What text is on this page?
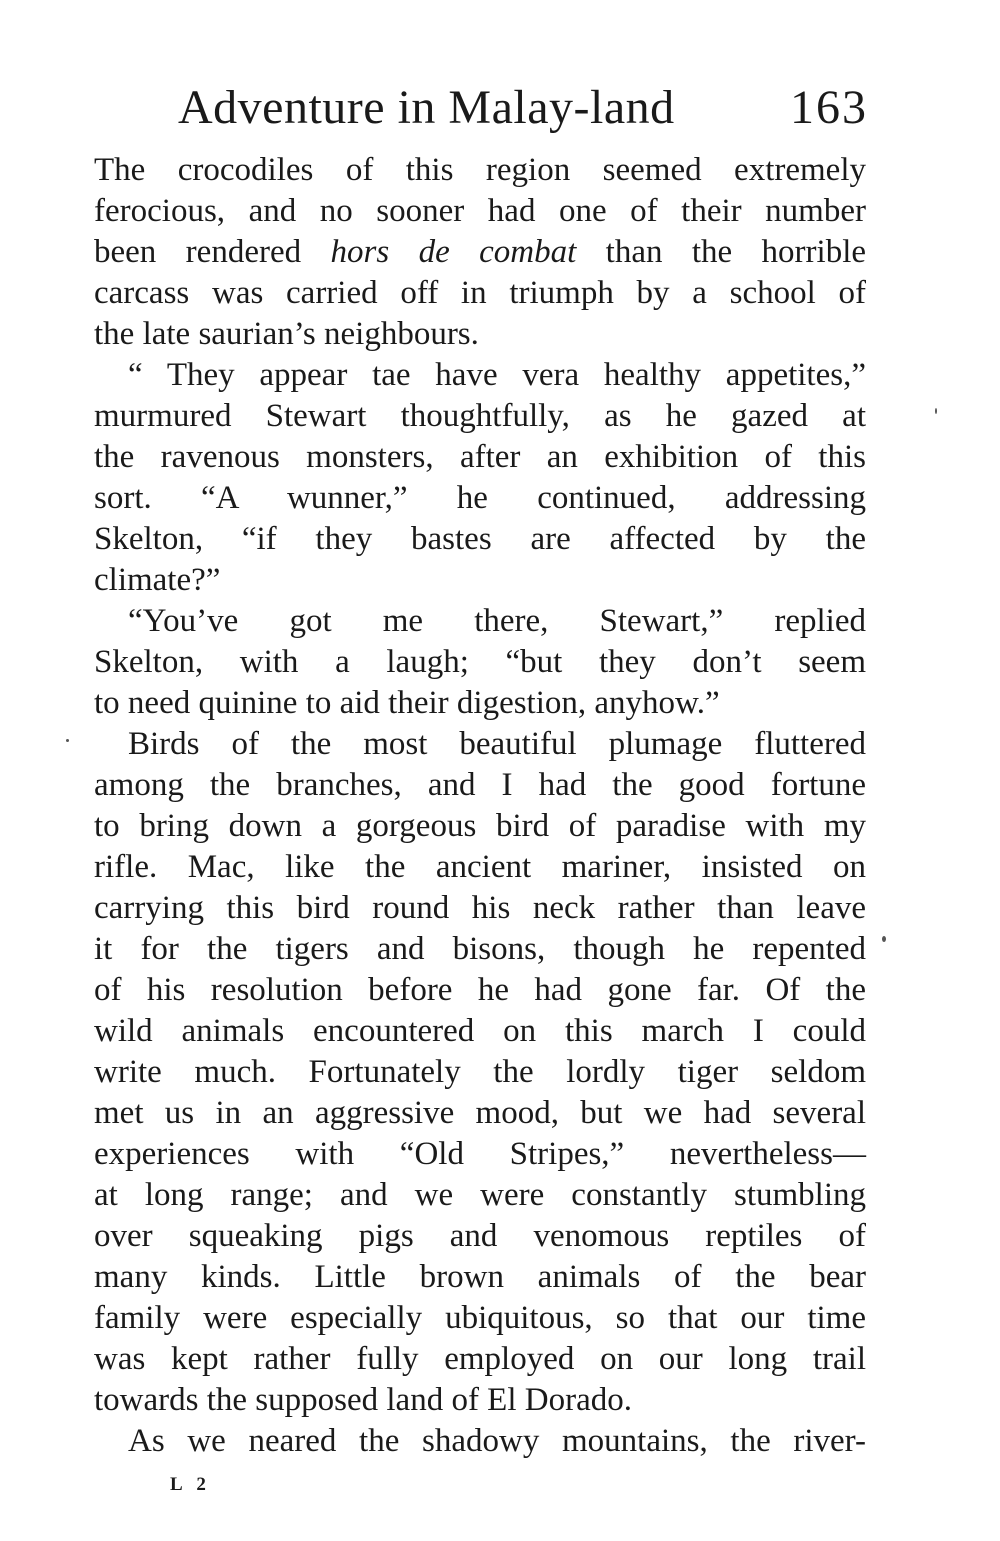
Adventure in Malay-land 163
The crocodiles of this region seemed extremely
ferocious, and no sooner had one of their number
been rendered hors de combat than the horrible
carcass was carried off in triumph by a school of
the late saurian’s neighbours.
“ They appear tae have vera healthy appetites,”
murmured Stewart thoughtfully, as he gazed at
the ravenous monsters, after an exhibition of this
sort. “A wunner,” he continued, addressing
Skelton, “if they bastes are affected by the
climate?”
“You’ve got me there, Stewart,” replied
Skelton, with a laugh; “but they don’t seem
to need quinine to aid their digestion, anyhow.”
Birds of the most beautiful plumage fluttered
among the branches, and I had the good fortune
to bring down a gorgeous bird of paradise with my
rifle. Mac, like the ancient mariner, insisted on
carrying this bird round his neck rather than leave
it for the tigers and bisons, though he repented
of his resolution before he had gone far. Of the
wild animals encountered on this march I could
write much. Fortunately the lordly tiger seldom
met us in an aggressive mood, but we had several
experiences with “Old Stripes,” nevertheless—
at long range; and we were constantly stumbling
over squeaking pigs and venomous reptiles of
many kinds. Little brown animals of the bear
family were especially ubiquitous, so that our time
was kept rather fully employed on our long trail
towards the supposed land of El Dorado.
As we neared the shadowy mountains, the river-
L 2
